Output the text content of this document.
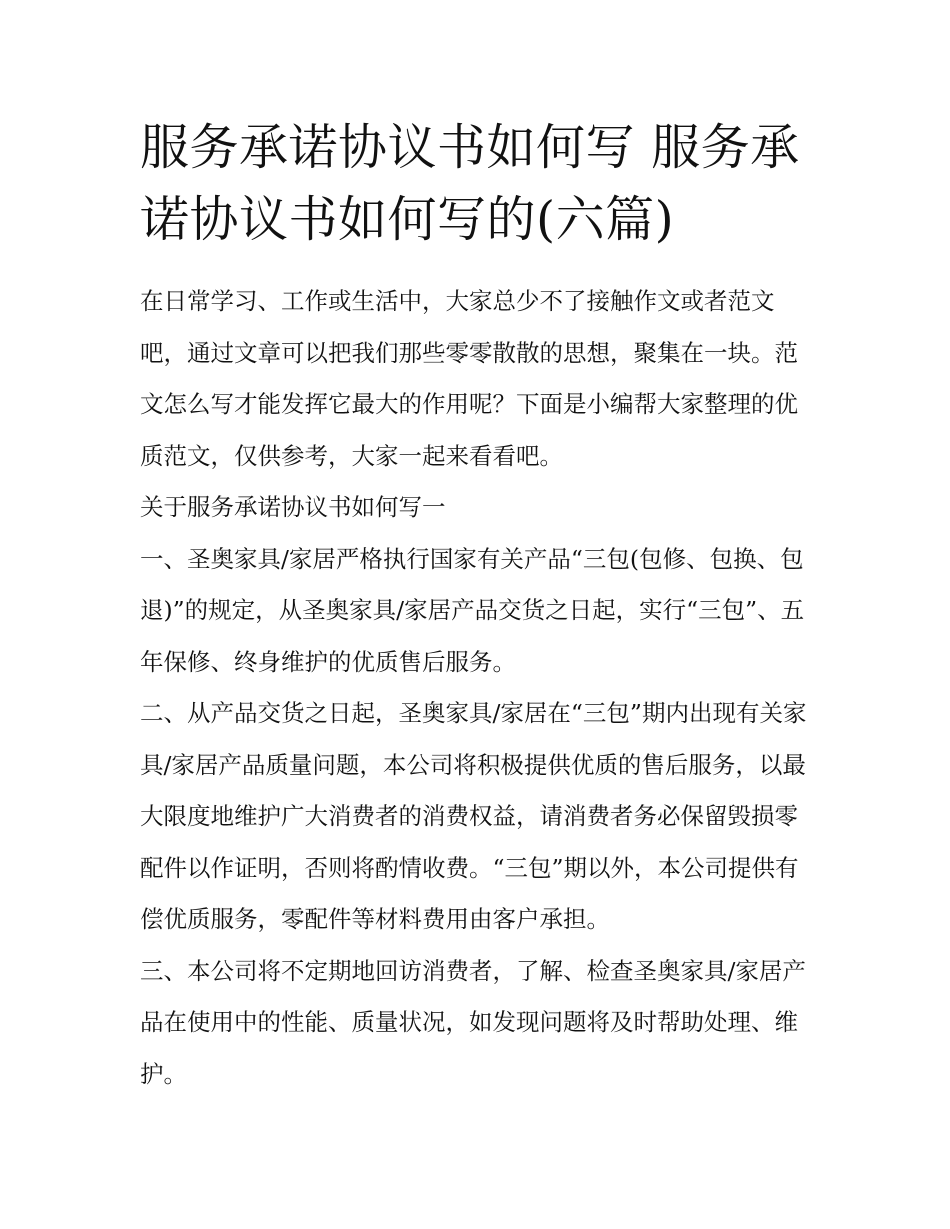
服务承诺协议书如何写 服务承诺协议书如何写的(六篇)

在日常学习、工作或生活中，大家总少不了接触作文或者范文吧，通过文章可以把我们那些零零散散的思想，聚集在一块。范文怎么写才能发挥它最大的作用呢？下面是小编帮大家整理的优质范文，仅供参考，大家一起来看看吧。

关于服务承诺协议书如何写一

一、圣奥家具/家居严格执行国家有关产品“三包(包修、包换、包退)”的规定，从圣奥家具/家居产品交货之日起，实行“三包”、五年保修、终身维护的优质售后服务。

二、从产品交货之日起，圣奥家具/家居在“三包”期内出现有关家具/家居产品质量问题，本公司将积极提供优质的售后服务，以最大限度地维护广大消费者的消费权益，请消费者务必保留毁损零配件以作证明，否则将酌情收费。“三包”期以外，本公司提供有偿优质服务，零配件等材料费用由客户承担。

三、本公司将不定期地回访消费者，了解、检查圣奥家具/家居产品在使用中的性能、质量状况，如发现问题将及时帮助处理、维护。
